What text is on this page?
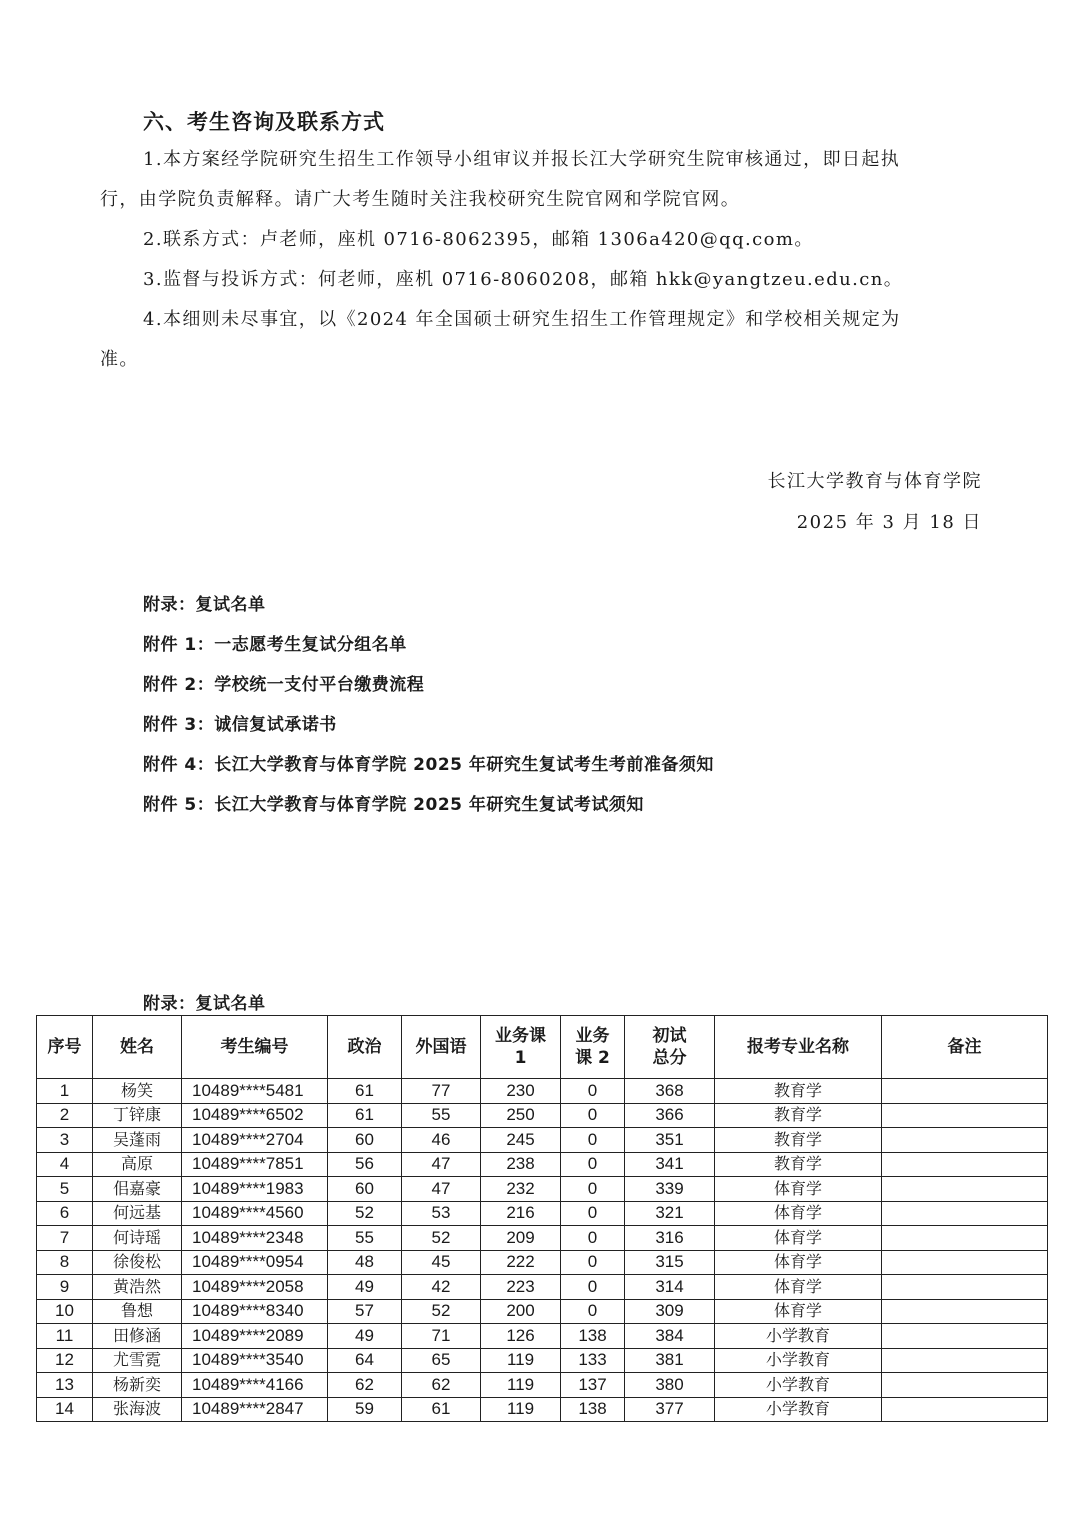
六、考生咨询及联系方式
1.本方案经学院研究生招生工作领导小组审议并报长江大学研究生院审核通过，即日起执
行，由学院负责解释。请广大考生随时关注我校研究生院官网和学院官网。
2.联系方式：卢老师，座机 0716-8062395，邮箱 1306a420@qq.com。
3.监督与投诉方式：何老师，座机 0716-8060208，邮箱 hkk@yangtzeu.edu.cn。
4.本细则未尽事宜，以《2024 年全国硕士研究生招生工作管理规定》和学校相关规定为
准。
长江大学教育与体育学院
2025 年 3 月 18 日
附录：复试名单
附件 1：一志愿考生复试分组名单
附件 2：学校统一支付平台缴费流程
附件 3：诚信复试承诺书
附件 4：长江大学教育与体育学院 2025 年研究生复试考生考前准备须知
附件 5：长江大学教育与体育学院 2025 年研究生复试考试须知
附录：复试名单
序号	姓名	考生编号	政治	外国语	业务课 1	业务课 2	初试总分	报考专业名称	备注
1	杨笑	10489****5481	61	77	230	0	368	教育学	
2	丁锌康	10489****6502	61	55	250	0	366	教育学	
3	吴蓬雨	10489****2704	60	46	245	0	351	教育学	
4	高原	10489****7851	56	47	238	0	341	教育学	
5	佀嘉豪	10489****1983	60	47	232	0	339	体育学	
6	何远基	10489****4560	52	53	216	0	321	体育学	
7	何诗瑶	10489****2348	55	52	209	0	316	体育学	
8	徐俊松	10489****0954	48	45	222	0	315	体育学	
9	黄浩然	10489****2058	49	42	223	0	314	体育学	
10	鲁想	10489****8340	57	52	200	0	309	体育学	
11	田修涵	10489****2089	49	71	126	138	384	小学教育	
12	尤雪霓	10489****3540	64	65	119	133	381	小学教育	
13	杨新奕	10489****4166	62	62	119	137	380	小学教育	
14	张海波	10489****2847	59	61	119	138	377	小学教育	
